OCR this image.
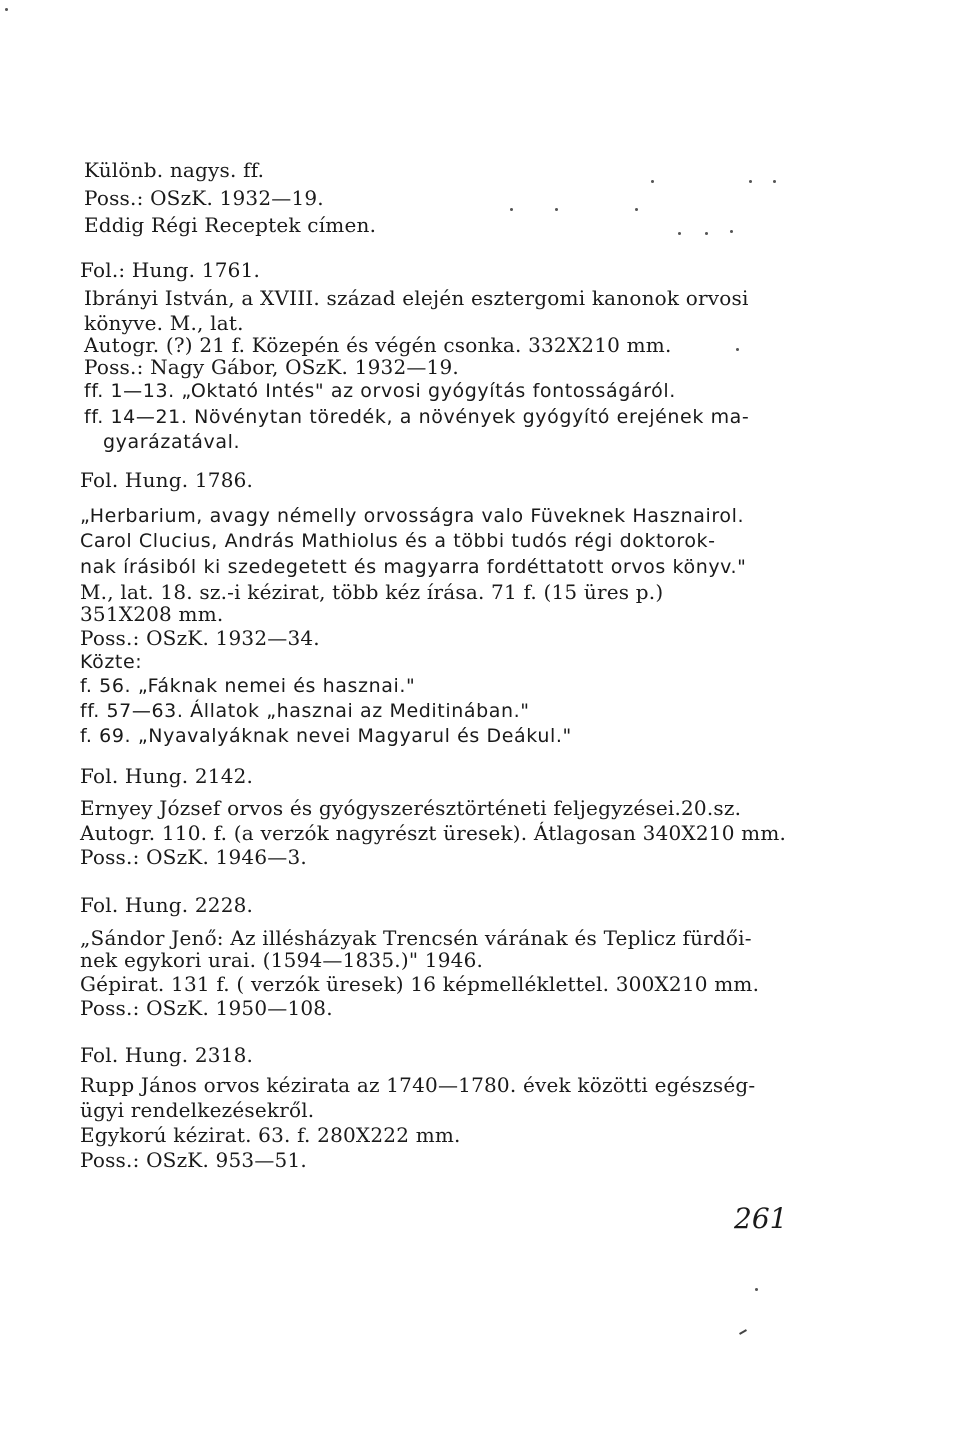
Különb. nagys. ff.
Poss.: OSzK. 1932—19.
Eddig Régi Receptek címen.
Fol.: Hung. 1761.
Ibrányi István, a XVIII. század elején esztergomi kanonok orvosi
könyve. M., lat.
Autogr. (?) 21 f. Közepén és végén csonka. 332X210 mm.
Poss.: Nagy Gábor, OSzK. 1932—19.
ff. 1—13. „Oktató Intés" az orvosi gyógyítás fontosságáról.
ff. 14—21. Növénytan töredék, a növények gyógyító erejének ma-
gyarázatával.
Fol. Hung. 1786.
„Herbarium, avagy némelly orvosságra valo Füveknek Hasznairol.
Carol Clucius, András Mathiolus és a többi tudós régi doktorok-
nak írásiból ki szedegetett és magyarra fordéttatott orvos könyv."
M., lat. 18. sz.-i kézirat, több kéz írása. 71 f. (15 üres p.)
351X208 mm.
Poss.: OSzK. 1932—34.
Közte:
f. 56. „Fáknak nemei és hasznai."
ff. 57—63. Állatok „hasznai az Meditinában."
f. 69. „Nyavalyáknak nevei Magyarul és Deákul."
Fol. Hung. 2142.
Ernyey József orvos és gyógyszerésztörténeti feljegyzései.20.sz.
Autogr. 110. f. (a verzók nagyrészt üresek). Átlagosan 340X210 mm.
Poss.: OSzK. 1946—3.
Fol. Hung. 2228.
„Sándor Jenő: Az illésházyak Trencsén várának és Teplicz fürdői-
nek egykori urai. (1594—1835.)" 1946.
Gépirat. 131 f. ( verzók üresek) 16 képmelléklettel. 300X210 mm.
Poss.: OSzK. 1950—108.
Fol. Hung. 2318.
Rupp János orvos kézirata az 1740—1780. évek közötti egészség-
ügyi rendelkezésekről.
Egykorú kézirat. 63. f. 280X222 mm.
Poss.: OSzK. 953—51.
261
